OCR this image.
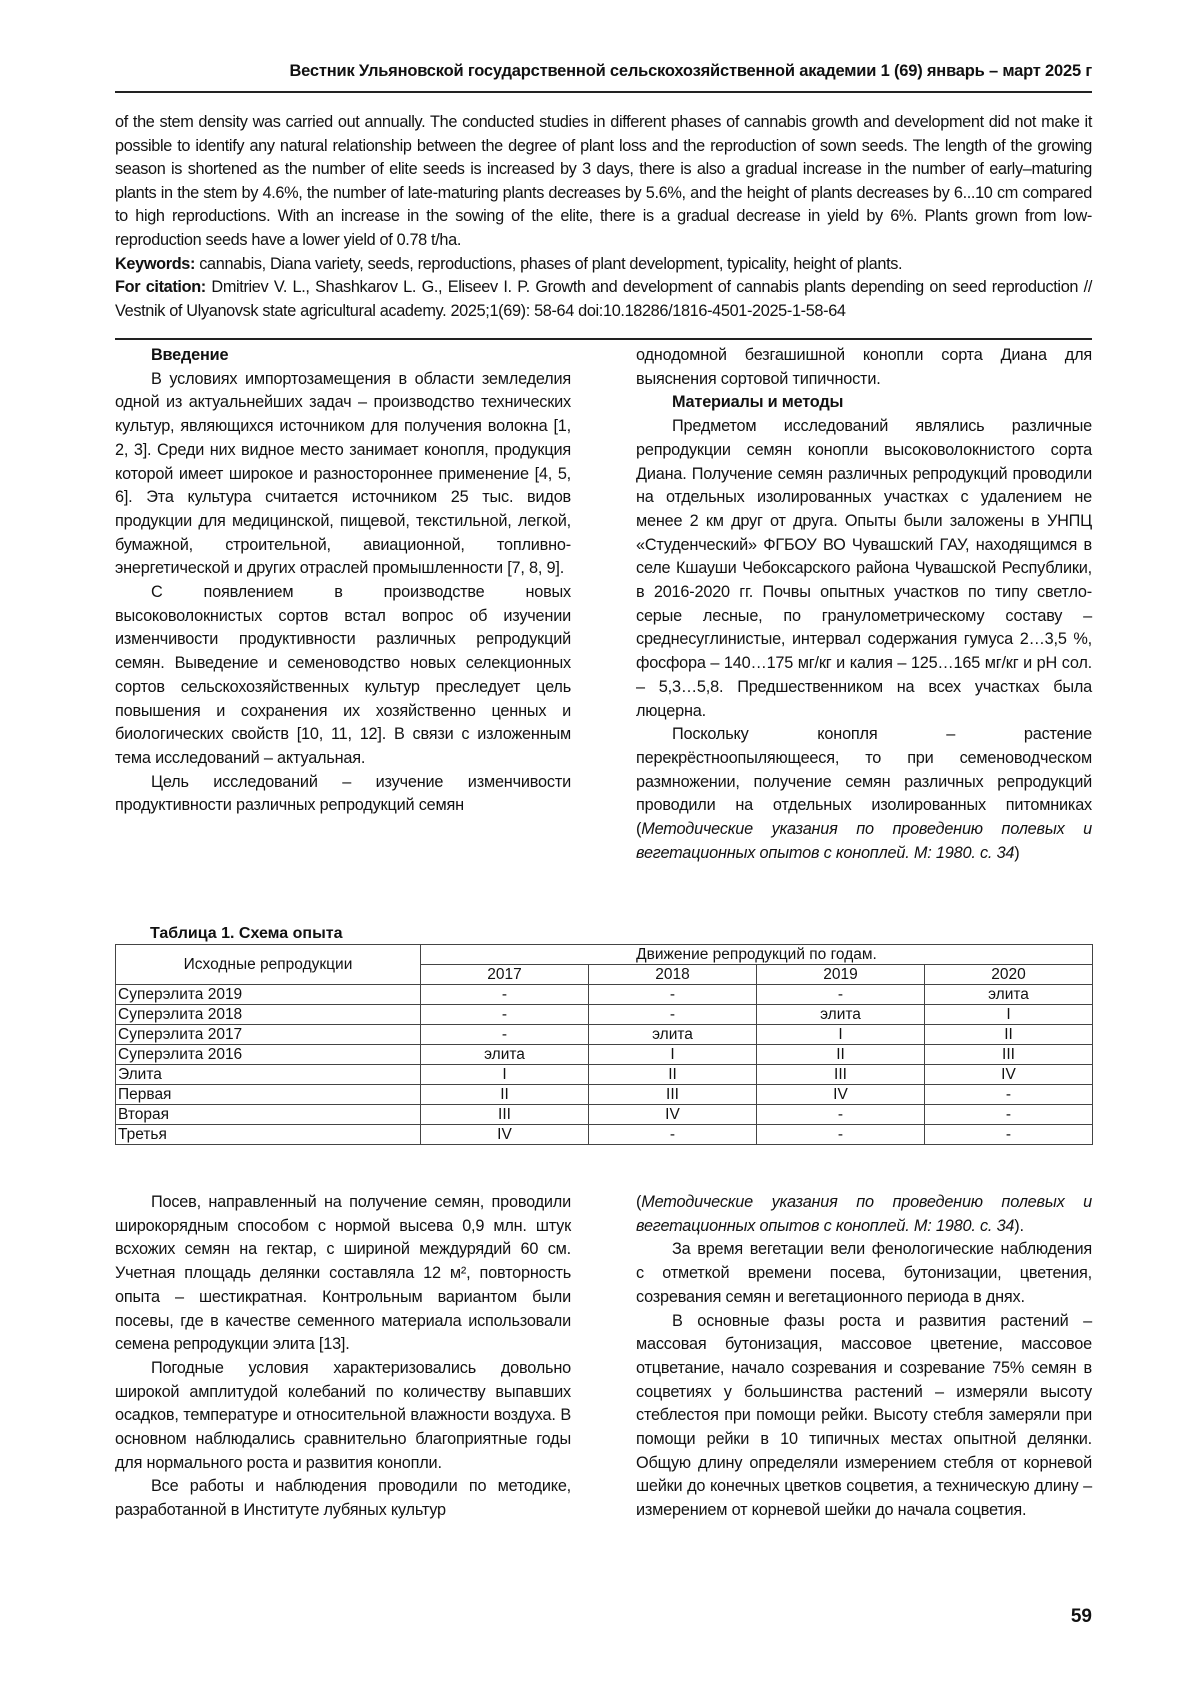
Вестник Ульяновской государственной сельскохозяйственной академии 1 (69) январь – март 2025 г

of the stem density was carried out annually. The conducted studies in different phases of cannabis growth and development did not make it possible to identify any natural relationship between the degree of plant loss and the reproduction of sown seeds. The length of the growing season is shortened as the number of elite seeds is increased by 3 days, there is also a gradual increase in the number of early–maturing plants in the stem by 4.6%, the number of late-maturing plants decreases by 5.6%, and the height of plants decreases by 6...10 cm compared to high reproductions. With an increase in the sowing of the elite, there is a gradual decrease in yield by 6%. Plants grown from low-reproduction seeds have a lower yield of 0.78 t/ha.

Keywords: cannabis, Diana variety, seeds, reproductions, phases of plant development, typicality, height of plants.

For citation: Dmitriev V. L., Shashkarov L. G., Eliseev I. P. Growth and development of cannabis plants depending on seed reproduction // Vestnik of Ulyanovsk state agricultural academy. 2025;1(69): 58-64 doi:10.18286/1816-4501-2025-1-58-64

Введение

В условиях импортозамещения в области земледелия одной из актуальнейших задач – производство технических культур, являющихся источником для получения волокна [1, 2, 3]. Среди них видное место занимает конопля, продукция которой имеет широкое и разностороннее применение [4, 5, 6]. Эта культура считается источником 25 тыс. видов продукции для медицинской, пищевой, текстильной, легкой, бумажной, строительной, авиационной, топливно-энергетической и других отраслей промышленности [7, 8, 9].

С появлением в производстве новых высоковолокнистых сортов встал вопрос об изучении изменчивости продуктивности различных репродукций семян. Выведение и семеноводство новых селекционных сортов сельскохозяйственных культур преследует цель повышения и сохранения их хозяйственно ценных и биологических свойств [10, 11, 12]. В связи с изложенным тема исследований – актуальная.

Цель исследований – изучение изменчивости продуктивности различных репродукций семян

однодомной безгашишной конопли сорта Диана для выяснения сортовой типичности.

Материалы и методы

Предметом исследований являлись различные репродукции семян конопли высоковолокнистого сорта Диана. Получение семян различных репродукций проводили на отдельных изолированных участках с удалением не менее 2 км друг от друга. Опыты были заложены в УНПЦ «Студенческий» ФГБОУ ВО Чувашский ГАУ, находящимся в селе Кшауши Чебоксарского района Чувашской Республики, в 2016-2020 гг. Почвы опытных участков по типу светло-серые лесные, по гранулометрическому составу – среднесуглинистые, интервал содержания гумуса 2…3,5 %, фосфора – 140…175 мг/кг и калия – 125…165 мг/кг и pH сол. – 5,3…5,8. Предшественником на всех участках была люцерна.

Поскольку конопля – растение перекрёстноопыляющееся, то при семеноводческом размножении, получение семян различных репродукций проводили на отдельных изолированных питомниках (Методические указания по проведению полевых и вегетационных опытов с коноплей. М: 1980. с. 34)

Таблица 1. Схема опыта
Исходные репродукции	Движение репродукций по годам.			
	2017	2018	2019	2020
Суперэлита 2019	-	-	-	элита
Суперэлита 2018	-	-	элита	I
Суперэлита 2017	-	элита	I	II
Суперэлита 2016	элита	I	II	III
Элита	I	II	III	IV
Первая	II	III	IV	-
Вторая	III	IV	-	-
Третья	IV	-	-	-

Посев, направленный на получение семян, проводили широкорядным способом с нормой высева 0,9 млн. штук всхожих семян на гектар, с шириной междурядий 60 см. Учетная площадь делянки составляла 12 м², повторность опыта – шестикратная. Контрольным вариантом были посевы, где в качестве семенного материала использовали семена репродукции элита [13].

Погодные условия характеризовались довольно широкой амплитудой колебаний по количеству выпавших осадков, температуре и относительной влажности воздуха. В основном наблюдались сравнительно благоприятные годы для нормального роста и развития конопли.

Все работы и наблюдения проводили по методике, разработанной в Институте лубяных культур

(Методические указания по проведению полевых и вегетационных опытов с коноплей. М: 1980. с. 34).

За время вегетации вели фенологические наблюдения с отметкой времени посева, бутонизации, цветения, созревания семян и вегетационного периода в днях.

В основные фазы роста и развития растений – массовая бутонизация, массовое цветение, массовое отцветание, начало созревания и созревание 75% семян в соцветиях у большинства растений – измеряли высоту стеблестоя при помощи рейки. Высоту стебля замеряли при помощи рейки в 10 типичных местах опытной делянки. Общую длину определяли измерением стебля от корневой шейки до конечных цветков соцветия, а техническую длину – измерением от корневой шейки до начала соцветия.

59
